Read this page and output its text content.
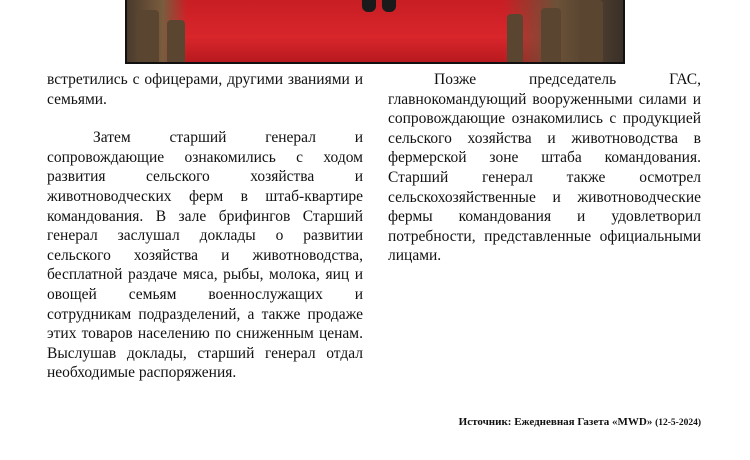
встретились с офицерами, другими званиями и семьями.

Затем старший генерал и сопровождающие ознакомились с ходом развития сельского хозяйства и животноводческих ферм в штаб-квартире командования. В зале брифингов Старший генерал заслушал доклады о развитии сельского хозяйства и животноводства, бесплатной раздаче мяса, рыбы, молока, яиц и овощей семьям военнослужащих и сотрудникам подразделений, а также продаже этих товаров населению по сниженным ценам. Выслушав доклады, старший генерал отдал необходимые распоряжения.

Позже председатель ГАС, главнокомандующий вооруженными силами и сопровождающие ознакомились с продукцией сельского хозяйства и животноводства в фермерской зоне штаба командования. Старший генерал также осмотрел сельскохозяйственные и животноводческие фермы командования и удовлетворил потребности, представленные официальными лицами.

Источник: Ежедневная Газета «MWD» (12-5-2024)
